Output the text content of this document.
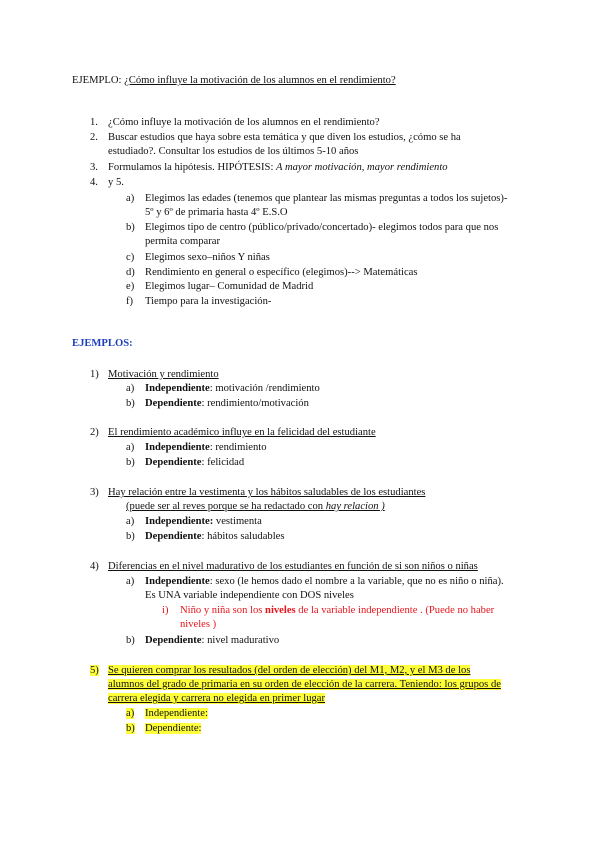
EJEMPLO: ¿Cómo influye la motivación de los alumnos en el rendimiento?
1. ¿Cómo influye la motivación de los alumnos en el rendimiento?
2. Buscar estudios que haya sobre esta temática y que diven los estudios, ¿cómo se ha
estudiado?. Consultar los estudios de los últimos 5-10 años
3. Formulamos la hipótesis. HIPÓTESIS: A mayor motivación, mayor rendimiento
4. y 5.
a) Elegimos las edades (tenemos que plantear las mismas preguntas a todos los sujetos)-
5º y 6º de primaria hasta 4º E.S.O
b) Elegimos tipo de centro (público/privado/concertado)- elegimos todos para que nos
permita comparar
c) Elegimos sexo–niños Y niñas
d) Rendimiento en general o específico (elegimos)--> Matemáticas
e) Elegimos lugar– Comunidad de Madrid
f) Tiempo para la investigación-
EJEMPLOS:
1) Motivación y rendimiento
a) Independiente: motivación /rendimiento
b) Dependiente: rendimiento/motivación
2) El rendimiento académico influye en la felicidad del estudiante
a) Independiente: rendimiento
b) Dependiente: felicidad
3) Hay relación entre la vestimenta y los hábitos saludables de los estudiantes
(puede ser al reves porque se ha redactado con hay relacion )
a) Independiente: vestimenta
b) Dependiente: hábitos saludables
4) Diferencias en el nivel madurativo de los estudiantes en función de si son niños o niñas
a) Independiente: sexo (le hemos dado el nombre a la variable, que no es niño o niña).
Es UNA variable independiente con DOS niveles
i) Niño y niña son los niveles de la variable independiente . (Puede no haber
niveles )
b) Dependiente: nivel madurativo
5) Se quieren comprar los resultados (del orden de elección) del M1, M2, y el M3 de los
alumnos del grado de primaria en su orden de elección de la carrera. Teniendo: los grupos de
carrera elegida y carrera no elegida en primer lugar
a) Independiente:
b) Dependiente:
